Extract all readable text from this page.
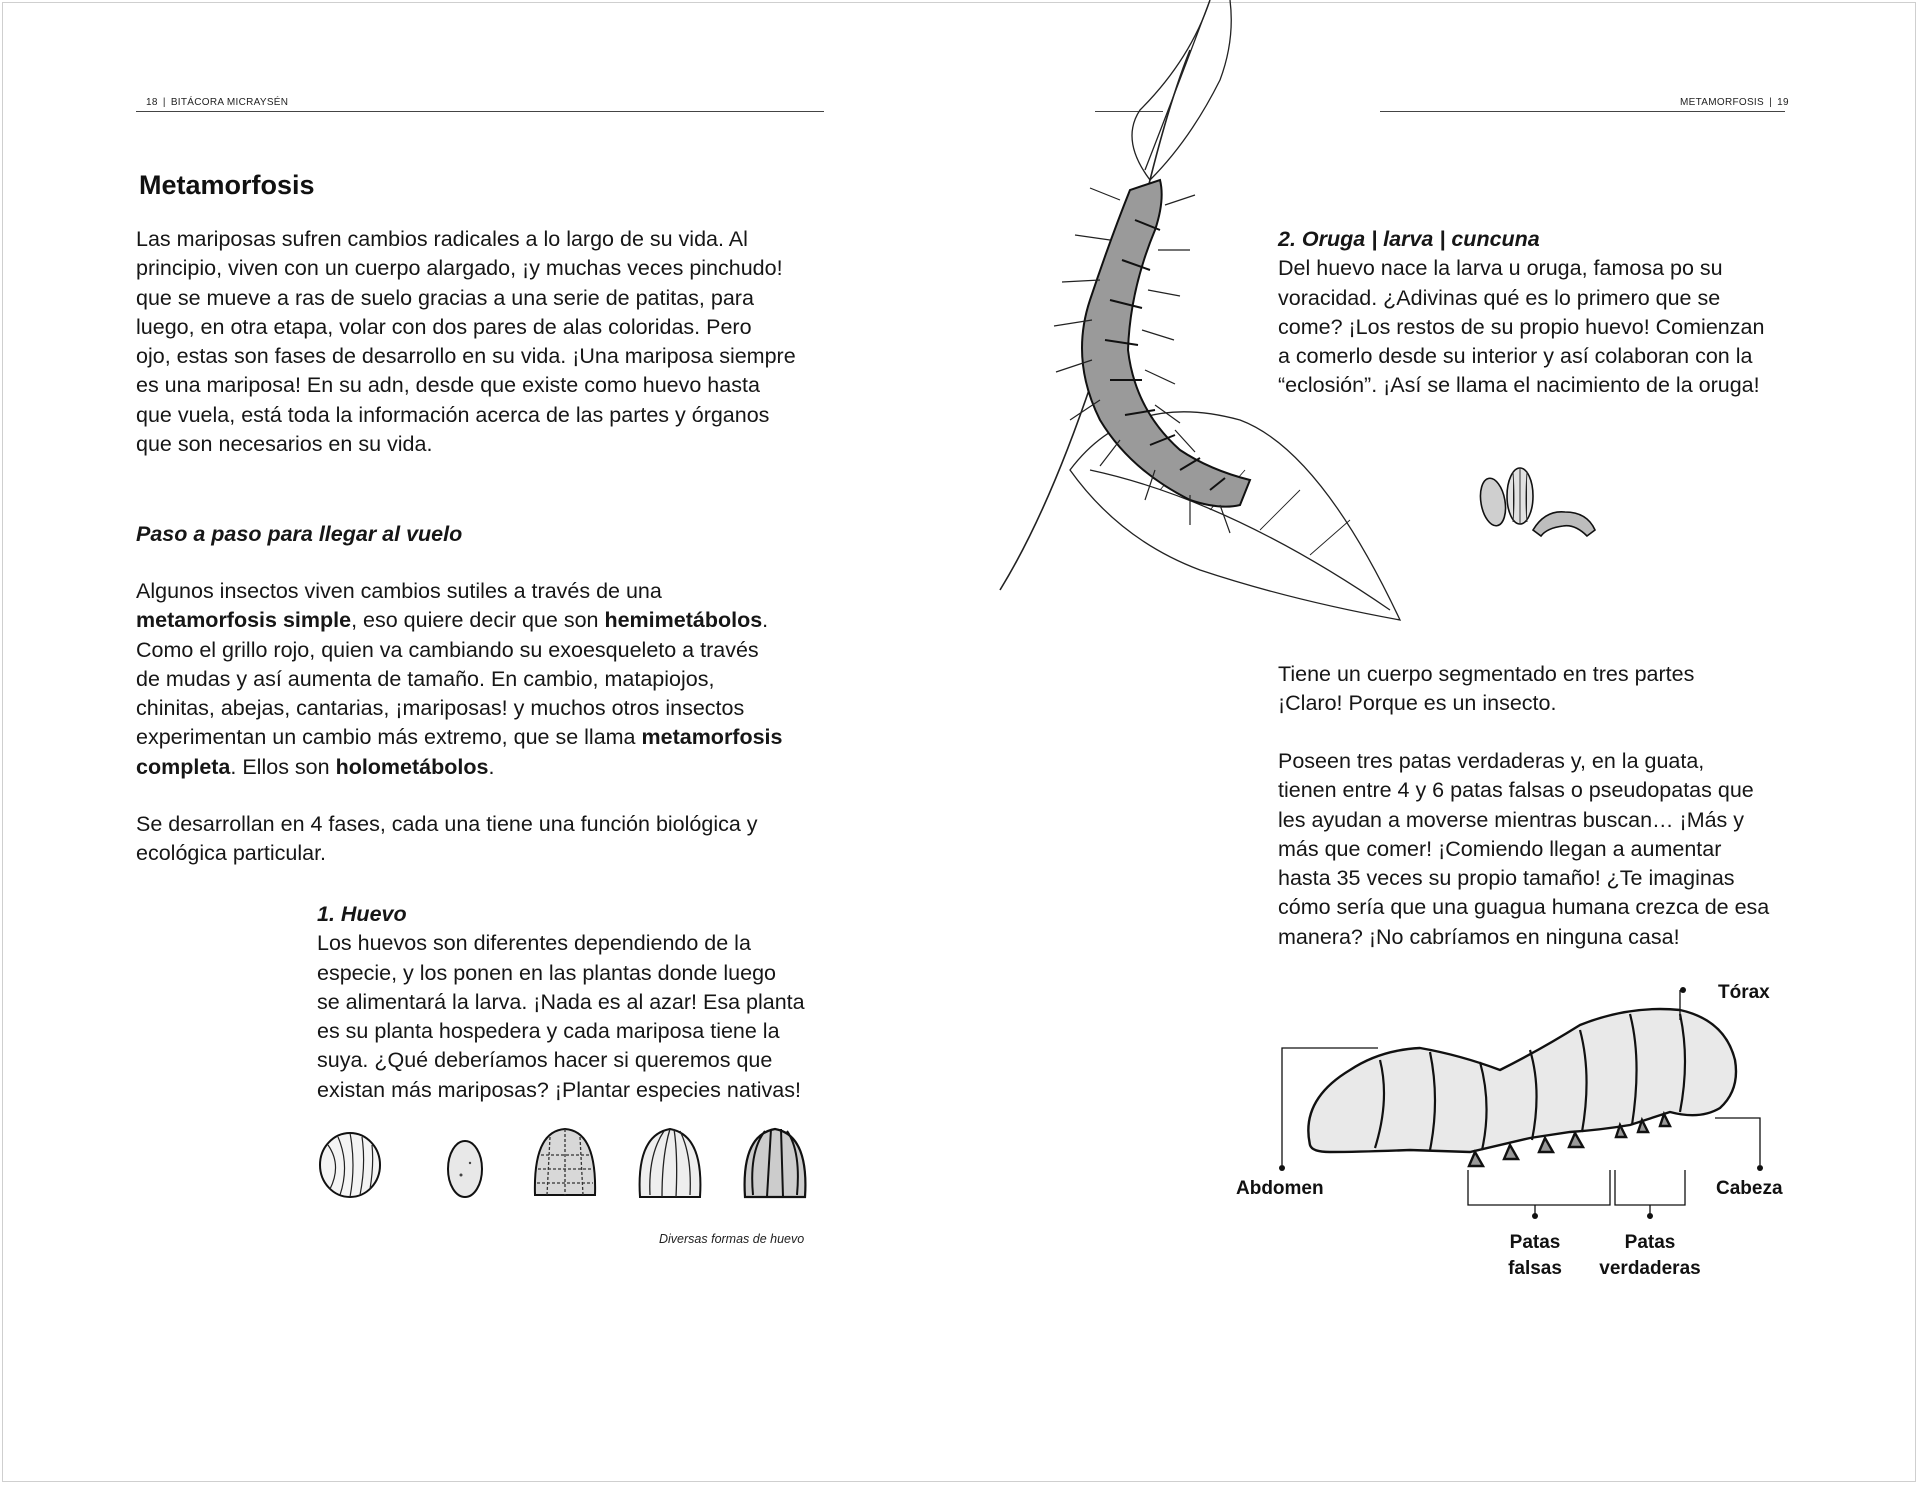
18 | BITÁCORA MICRAYSÉN
Metamorfosis

Las mariposas sufren cambios radicales a lo largo de su vida. Al

principio, viven con un cuerpo alargado, ¡y muchas veces pinchudo!

que se mueve a ras de suelo gracias a una serie de patitas, para

luego, en otra etapa, volar con dos pares de alas coloridas. Pero

ojo, estas son fases de desarrollo en su vida. ¡Una mariposa siempre

es una mariposa! En su adn, desde que existe como huevo hasta

que vuela, está toda la información acerca de las partes y órganos

que son necesarios en su vida.

Paso a paso para llegar al vuelo

Algunos insectos viven cambios sutiles a través de una

metamorfosis simple, eso quiere decir que son hemimetábolos.

Como el grillo rojo, quien va cambiando su exoesqueleto a través

de mudas y así aumenta de tamaño. En cambio, matapiojos,

chinitas, abejas, cantarias, ¡mariposas! y muchos otros insectos

experimentan un cambio más extremo, que se llama metamorfosis

completa. Ellos son holometábolos.

Se desarrollan en 4 fases, cada una tiene una función biológica y

ecológica particular.

1. Huevo

Los huevos son diferentes dependiendo de la

especie, y los ponen en las plantas donde luego

se alimentará la larva. ¡Nada es al azar! Esa planta

es su planta hospedera y cada mariposa tiene la

suya. ¿Qué deberíamos hacer si queremos que

existan más mariposas? ¡Plantar especies nativas!

Diversas formas de huevo
METAMORFOSIS | 19

2. Oruga | larva | cuncuna

Del huevo nace la larva u oruga, famosa po su

voracidad. ¿Adivinas qué es lo primero que se

come? ¡Los restos de su propio huevo! Comienzan

a comerlo desde su interior y así colaboran con la

“eclosión”. ¡Así se llama el nacimiento de la oruga!

Tiene un cuerpo segmentado en tres partes

¡Claro! Porque es un insecto.

Poseen tres patas verdaderas y, en la guata,

tienen entre 4 y 6 patas falsas o pseudopatas que

les ayudan a moverse mientras buscan… ¡Más y

más que comer! ¡Comiendo llegan a aumentar

hasta 35 veces su propio tamaño! ¿Te imaginas

cómo sería que una guagua humana crezca de esa

manera? ¡No cabríamos en ninguna casa!

Tórax
Abdomen	Cabeza
Patas
falsas
Patas
verdaderas
